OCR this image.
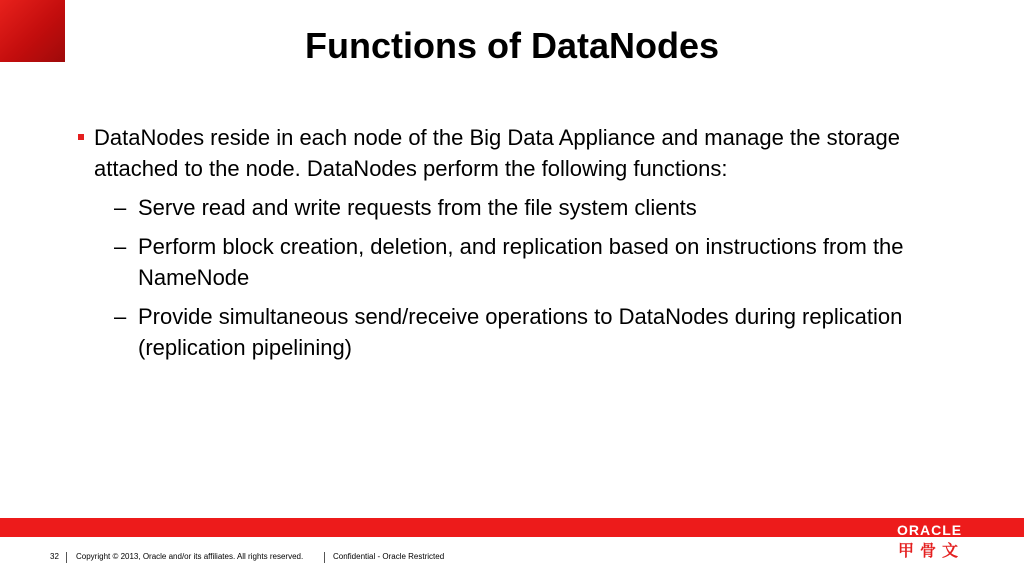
Functions of DataNodes
DataNodes reside in each node of the Big Data Appliance and manage the storage attached to the node. DataNodes perform the following functions:
– Serve read and write requests from the file system clients
– Perform block creation, deletion, and replication based on instructions from the NameNode
– Provide simultaneous send/receive operations to DataNodes during replication (replication pipelining)
32 Copyright © 2013, Oracle and/or its affiliates. All rights reserved.	Confidential - Oracle Restricted
ORACLE
甲骨文
